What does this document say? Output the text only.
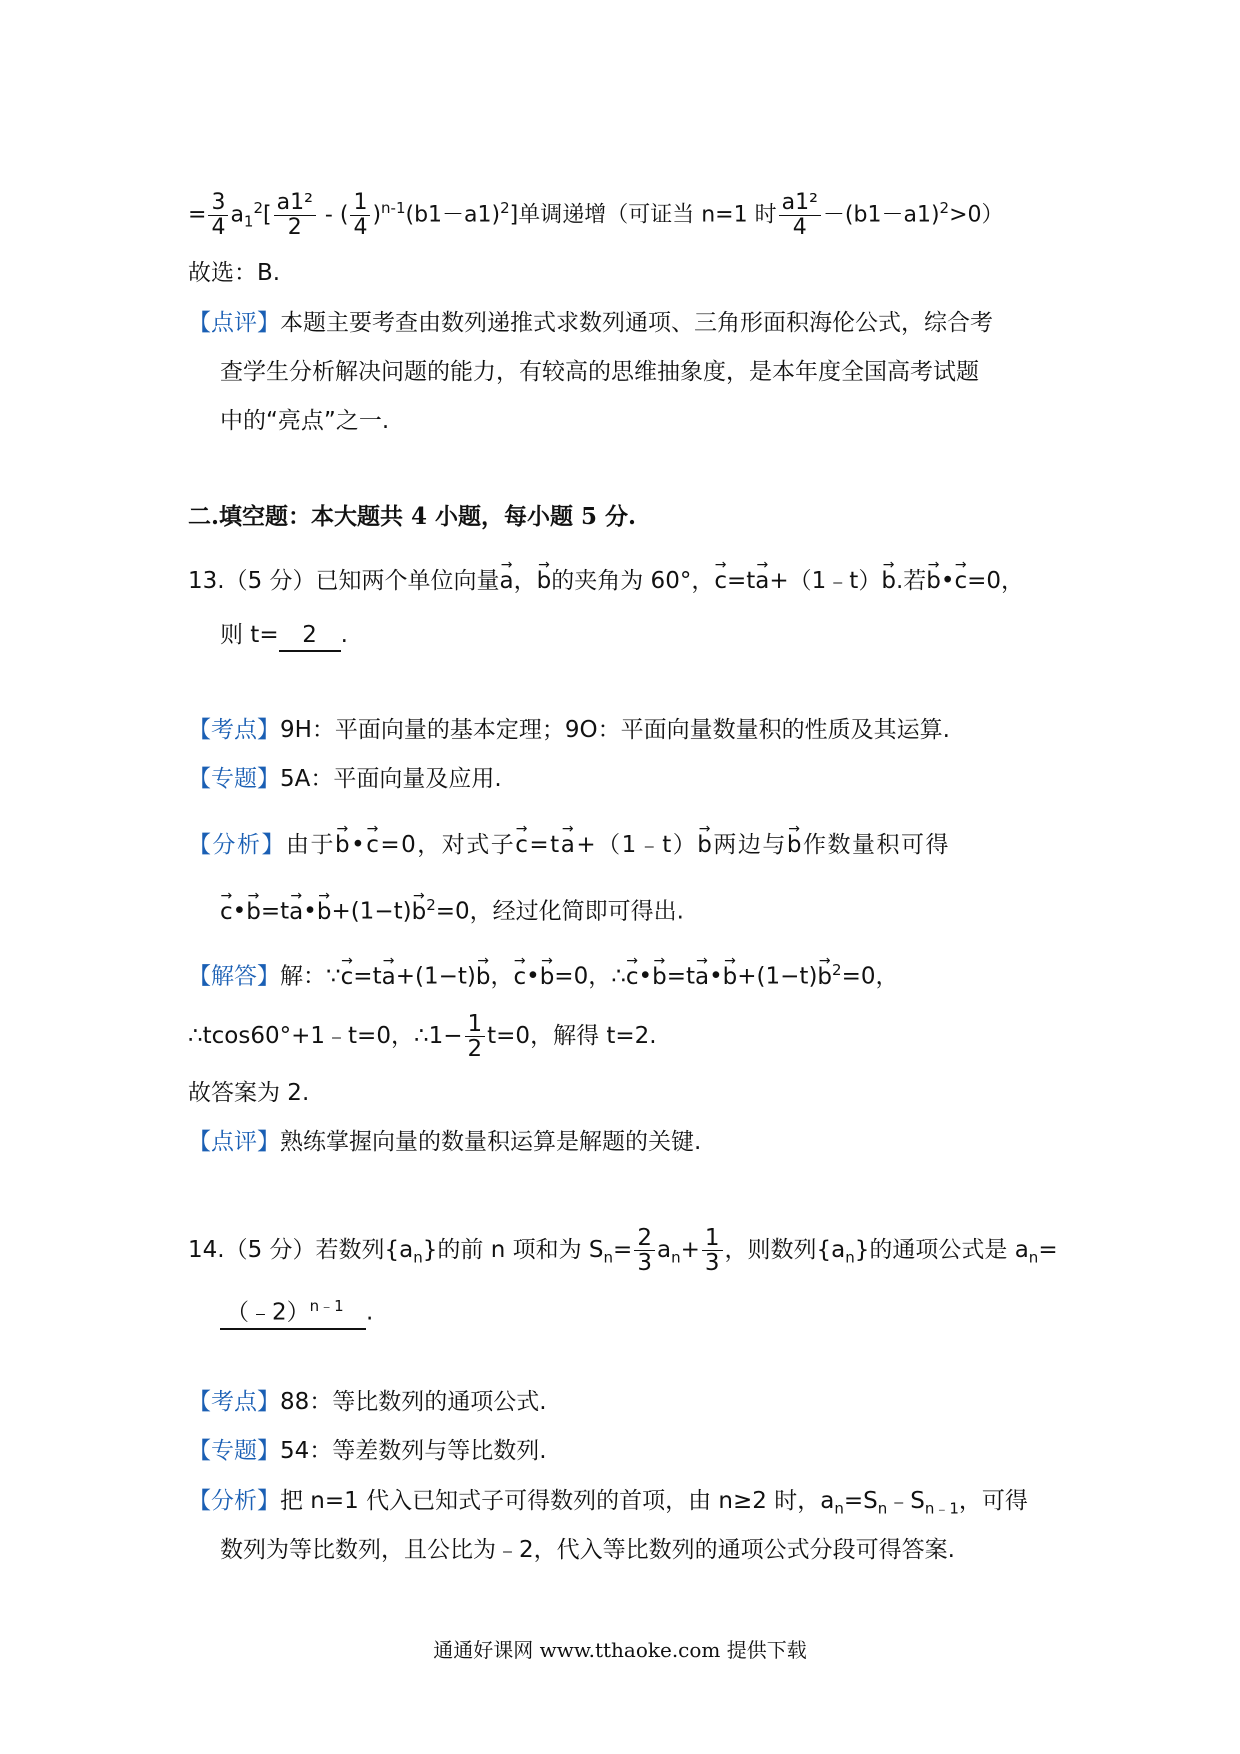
= $\frac{3}{4} a_1^2[ \frac{\text{a1²}}{2}$ - ( $\frac{1}{4} )^{n-1}(b1-a1)^2$]单调递增（可证当 n=1 时 $\frac{\text{a1²}}{4} -(b1-a1)^2>0$）
故选：B.
【点评】本题主要考查由数列递推式求数列通项、三角形面积海伦公式，综合考
查学生分析解决问题的能力，有较高的思维抽象度，是本年度全国高考试题
中的“亮点”之一.
二.填空题：本大题共 4 小题，每小题 5 分.
13.（5 分）已知两个单位向量→ a，→ b的夹角为 60°，→ c=t→ a+（1﹣t）→ b.若→ b•→ c=0，
则 t= 2 .
【考点】9H：平面向量的基本定理；9O：平面向量数量积的性质及其运算.
【专题】5A：平面向量及应用.
【分析】由于→ b•→ c=0，对式子→ c=t→ a+（1﹣t）→ b两边与→ b作数量积可得
→ c•→ b=t→ a•→ $b+(1-t)\to b^2=0$，经过化简即可得出.
【解答】解：∵→ c=t→ a+(1−t)→ b，→ c•→ b=0，∴→ c•→ b=t→ a•→ $b+(1-t)\to b^2=0$，
∴tcos60°+1﹣t=0，∴1− $\frac{1}{2} t=0$，解得 t=2.
故答案为 2.
【点评】熟练掌握向量的数量积运算是解题的关键.
14.（5 分）若数列$\{a_n\}$的前 n 项和为 $S_n= \frac{2}{3} a_n+ \frac{1}{3}$ ，则数列$\{a_n\}$的通项公式是 $a_n=$
（﹣2）$^{n﹣1}$ .
【考点】88：等比数列的通项公式.
【专题】54：等差数列与等比数列.
【分析】把 n=1 代入已知式子可得数列的首项，由 n≥2 时，$a_n=S_n﹣S_{n﹣1}$，可得
数列为等比数列，且公比为﹣2，代入等比数列的通项公式分段可得答案.
通通好课网 www.tthaoke.com 提供下载
